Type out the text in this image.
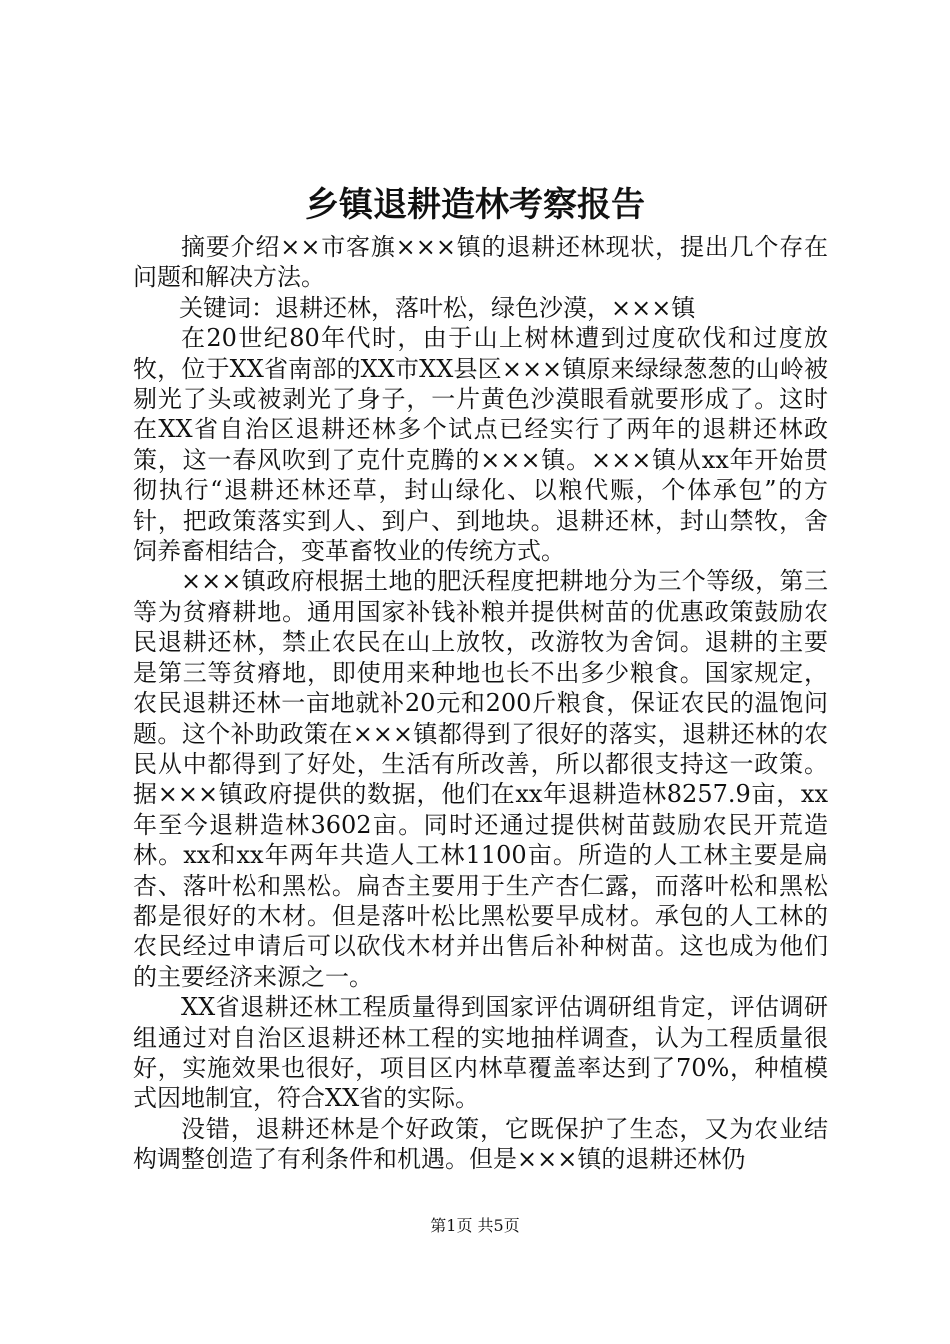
乡镇退耕造林考察报告

摘要介绍××市客旗×××镇的退耕还林现状，提出几个存在问题和解决方法。

关键词：退耕还林，落叶松，绿色沙漠，×××镇

在20世纪80年代时，由于山上树林遭到过度砍伐和过度放牧，位于XX省南部的XX市XX县区×××镇原来绿绿葱葱的山岭被剔光了头或被剥光了身子，一片黄色沙漠眼看就要形成了。这时在XX省自治区退耕还林多个试点已经实行了两年的退耕还林政策，这一春风吹到了克什克腾的×××镇。×××镇从xx年开始贯彻执行“退耕还林还草，封山绿化、以粮代赈，个体承包”的方针，把政策落实到人、到户、到地块。退耕还林，封山禁牧，舍饲养畜相结合，变革畜牧业的传统方式。

×××镇政府根据土地的肥沃程度把耕地分为三个等级，第三等为贫瘠耕地。通用国家补钱补粮并提供树苗的优惠政策鼓励农民退耕还林，禁止农民在山上放牧，改游牧为舍饲。退耕的主要是第三等贫瘠地，即使用来种地也长不出多少粮食。国家规定，农民退耕还林一亩地就补20元和200斤粮食，保证农民的温饱问题。这个补助政策在×××镇都得到了很好的落实，退耕还林的农民从中都得到了好处，生活有所改善，所以都很支持这一政策。据×××镇政府提供的数据，他们在xx年退耕造林8257.9亩，xx年至今退耕造林3602亩。同时还通过提供树苗鼓励农民开荒造林。xx和xx年两年共造人工林1100亩。所造的人工林主要是扁杏、落叶松和黑松。扁杏主要用于生产杏仁露，而落叶松和黑松都是很好的木材。但是落叶松比黑松要早成材。承包的人工林的农民经过申请后可以砍伐木材并出售后补种树苗。这也成为他们的主要经济来源之一。

XX省退耕还林工程质量得到国家评估调研组肯定，评估调研组通过对自治区退耕还林工程的实地抽样调查，认为工程质量很好，实施效果也很好，项目区内林草覆盖率达到了70%，种植模式因地制宜，符合XX省的实际。

没错，退耕还林是个好政策，它既保护了生态，又为农业结构调整创造了有利条件和机遇。但是×××镇的退耕还林仍

第1页 共5页
